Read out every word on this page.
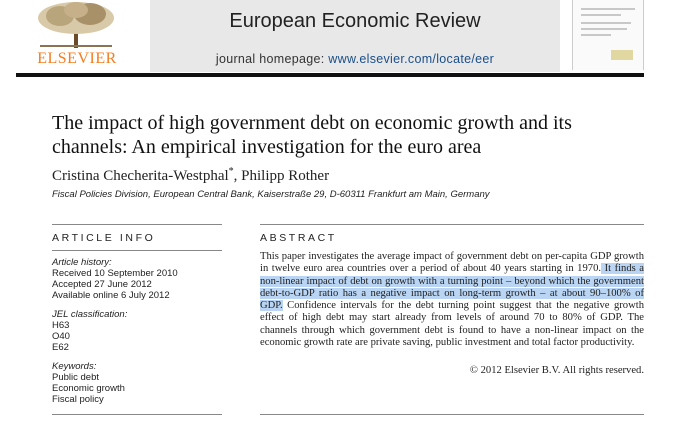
ELSEVIER
European Economic Review
journal homepage: www.elsevier.com/locate/eer
The impact of high government debt on economic growth and its channels: An empirical investigation for the euro area
Cristina Checherita-Westphal*, Philipp Rother
Fiscal Policies Division, European Central Bank, Kaiserstraße 29, D-60311 Frankfurt am Main, Germany
ARTICLE INFO	ABSTRACT
Article history:
Received 10 September 2010
Accepted 27 June 2012
Available online 6 July 2012
JEL classification:
H63
O40
E62
Keywords:
Public debt
Economic growth
Fiscal policy

This paper investigates the average impact of government debt on per-capita GDP growth in twelve euro area countries over a period of about 40 years starting in 1970. It finds a non-linear impact of debt on growth with a turning point – beyond which the government debt-to-GDP ratio has a negative impact on long-term growth – at about 90–100% of GDP. Confidence intervals for the debt turning point suggest that the negative growth effect of high debt may start already from levels of around 70 to 80% of GDP. The channels through which government debt is found to have a non-linear impact on the economic growth rate are private saving, public investment and total factor productivity.

© 2012 Elsevier B.V. All rights reserved.
